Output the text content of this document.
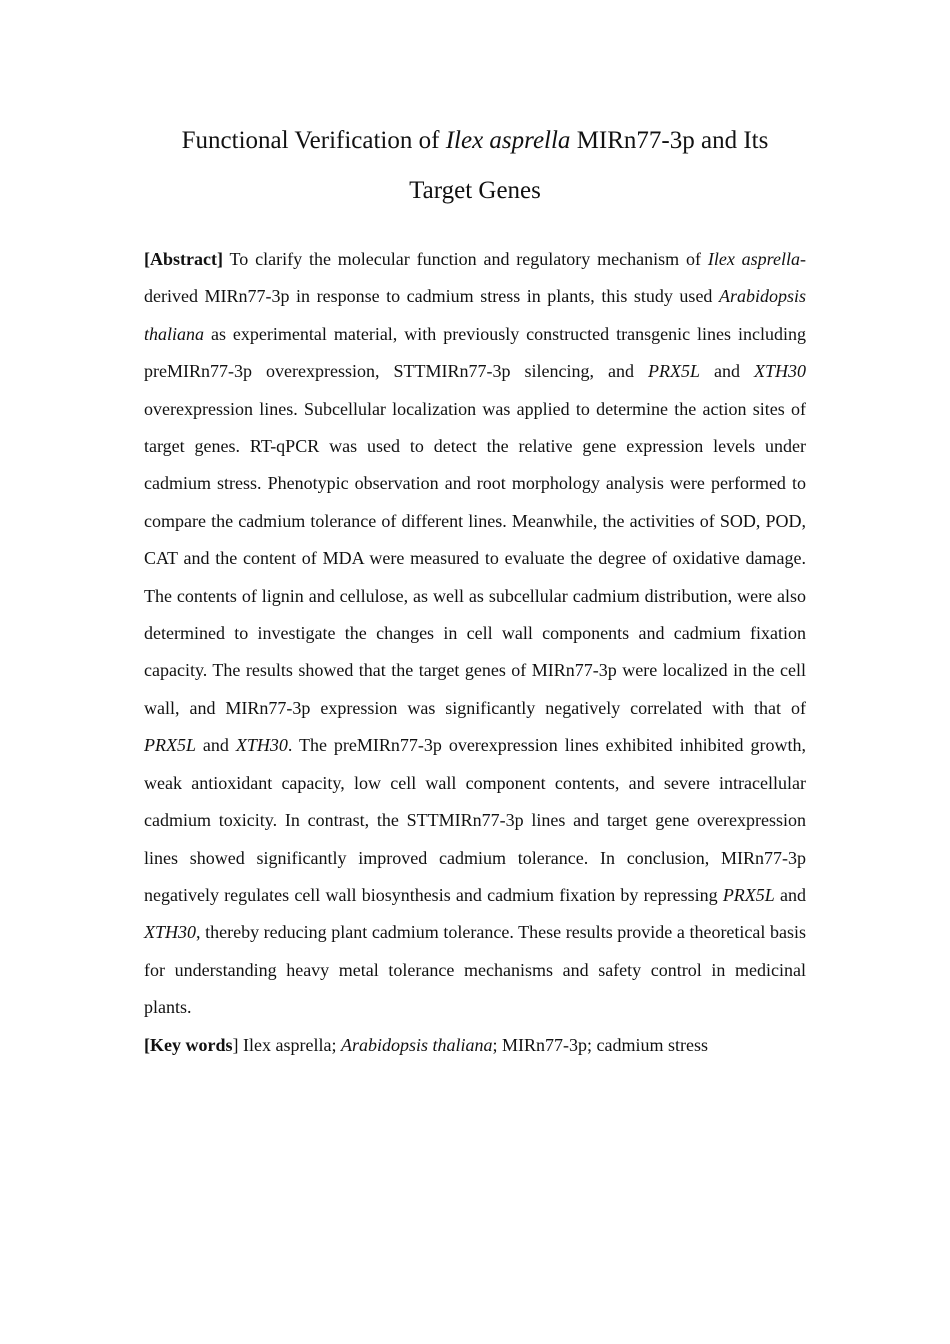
Functional Verification of Ilex asprella MIRn77-3p and Its
Target Genes

[Abstract] To clarify the molecular function and regulatory mechanism of Ilex asprella-derived MIRn77-3p in response to cadmium stress in plants, this study used Arabidopsis thaliana as experimental material, with previously constructed transgenic lines including preMIRn77-3p overexpression, STTMIRn77-3p silencing, and PRX5L and XTH30 overexpression lines. Subcellular localization was applied to determine the action sites of target genes. RT-qPCR was used to detect the relative gene expression levels under cadmium stress. Phenotypic observation and root morphology analysis were performed to compare the cadmium tolerance of different lines. Meanwhile, the activities of SOD, POD, CAT and the content of MDA were measured to evaluate the degree of oxidative damage. The contents of lignin and cellulose, as well as subcellular cadmium distribution, were also determined to investigate the changes in cell wall components and cadmium fixation capacity. The results showed that the target genes of MIRn77-3p were localized in the cell wall, and MIRn77-3p expression was significantly negatively correlated with that of PRX5L and XTH30. The preMIRn77-3p overexpression lines exhibited inhibited growth, weak antioxidant capacity, low cell wall component contents, and severe intracellular cadmium toxicity. In contrast, the STTMIRn77-3p lines and target gene overexpression lines showed significantly improved cadmium tolerance. In conclusion, MIRn77-3p negatively regulates cell wall biosynthesis and cadmium fixation by repressing PRX5L and XTH30, thereby reducing plant cadmium tolerance. These results provide a theoretical basis for understanding heavy metal tolerance mechanisms and safety control in medicinal plants.

[Key words] Ilex asprella; Arabidopsis thaliana; MIRn77-3p; cadmium stress
